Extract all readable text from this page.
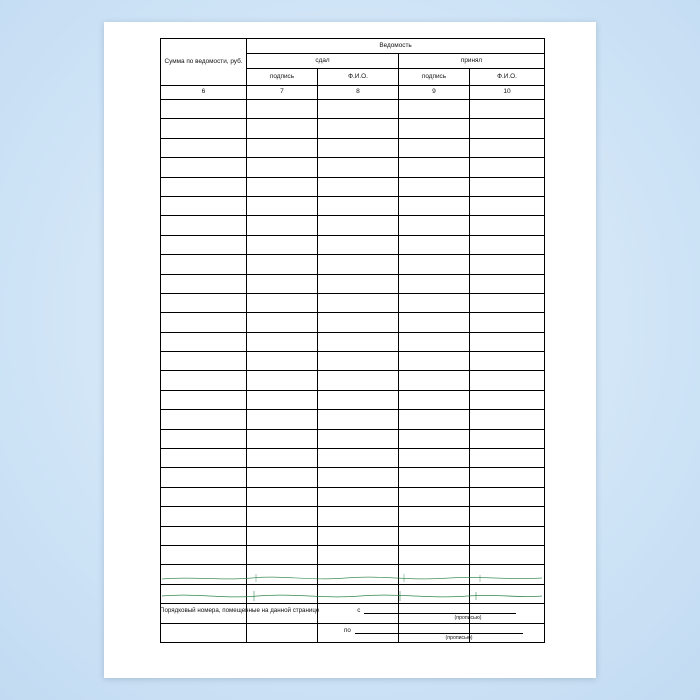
Сумма по ведомости, руб.	Ведомость			
	сдал		принял	
	подпись	Ф.И.О.	подпись	Ф.И.О.
6	7	8	9	10

Порядковый номера, помещенные на данной странице	с
(прописью)
по
(прописью)
